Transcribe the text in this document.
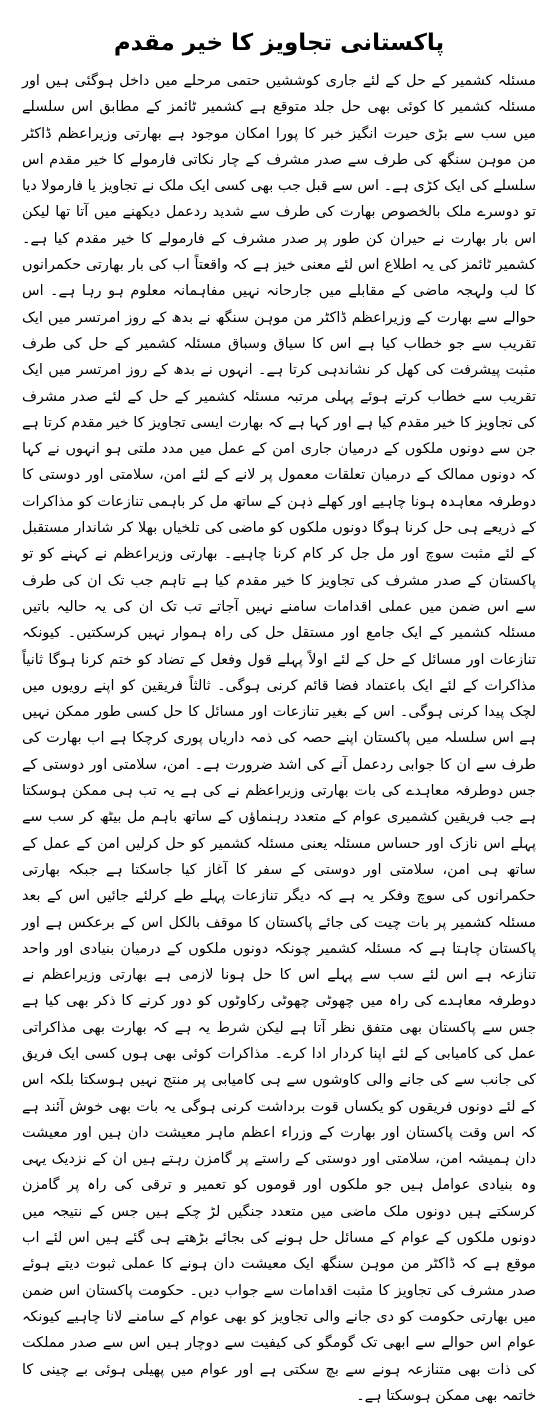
پاکستانی تجاویز کا خیر مقدم

مسئلہ کشمیر کے حل کے لئے جاری کوششیں حتمی مرحلے میں داخل ہوگئی ہیں اور مسئلہ کشمیر کا کوئی بھی حل جلد متوقع ہے کشمیر ٹائمز کے مطابق اس سلسلے میں سب سے بڑی حیرت انگیز خبر کا پورا امکان موجود ہے بھارتی وزیراعظم ڈاکٹر من موہن سنگھ کی طرف سے صدر مشرف کے چار نکاتی فارمولے کا خیر مقدم اس سلسلے کی ایک کڑی ہے۔ اس سے قبل جب بھی کسی ایک ملک نے تجاویز یا فارمولا دیا تو دوسرے ملک بالخصوص بھارت کی طرف سے شدید ردعمل دیکھنے میں آتا تھا لیکن اس بار بھارت نے حیران کن طور پر صدر مشرف کے فارمولے کا خیر مقدم کیا ہے۔ کشمیر ٹائمز کی یہ اطلاع اس لئے معنی خیز ہے کہ واقعتاً اب کی بار بھارتی حکمرانوں کا لب ولہجہ ماضی کے مقابلے میں جارحانہ نہیں مفاہمانہ معلوم ہو رہا ہے۔ اس حوالے سے بھارت کے وزیراعظم ڈاکٹر من موہن سنگھ نے بدھ کے روز امرتسر میں ایک تقریب سے جو خطاب کیا ہے اس کا سیاق وسباق مسئلہ کشمیر کے حل کی طرف مثبت پیشرفت کی کھل کر نشاندہی کرتا ہے۔ انہوں نے بدھ کے روز امرتسر میں ایک تقریب سے خطاب کرتے ہوئے پہلی مرتبہ مسئلہ کشمیر کے حل کے لئے صدر مشرف کی تجاویز کا خیر مقدم کیا ہے اور کہا ہے کہ بھارت ایسی تجاویز کا خیر مقدم کرتا ہے جن سے دونوں ملکوں کے درمیان جاری امن کے عمل میں مدد ملتی ہو انہوں نے کہا کہ دونوں ممالک کے درمیان تعلقات معمول پر لانے کے لئے امن، سلامتی اور دوستی کا دوطرفہ معاہدہ ہونا چاہیے اور کھلے ذہن کے ساتھ مل کر باہمی تنازعات کو مذاکرات کے ذریعے ہی حل کرنا ہوگا دونوں ملکوں کو ماضی کی تلخیاں بھلا کر شاندار مستقبل کے لئے مثبت سوچ اور مل جل کر کام کرنا چاہیے۔ بھارتی وزیراعظم نے کہنے کو تو پاکستان کے صدر مشرف کی تجاویز کا خیر مقدم کیا ہے تاہم جب تک ان کی طرف سے اس ضمن میں عملی اقدامات سامنے نہیں آجاتے تب تک ان کی یہ حالیہ باتیں مسئلہ کشمیر کے ایک جامع اور مستقل حل کی راہ ہموار نہیں کرسکتیں۔ کیونکہ تنازعات اور مسائل کے حل کے لئے اولاً پہلے قول وفعل کے تضاد کو ختم کرنا ہوگا ثانیاً مذاکرات کے لئے ایک باعتماد فضا قائم کرنی ہوگی۔ ثالثاً فریقین کو اپنے رویوں میں لچک پیدا کرنی ہوگی۔ اس کے بغیر تنازعات اور مسائل کا حل کسی طور ممکن نہیں ہے اس سلسلہ میں پاکستان اپنے حصہ کی ذمہ داریاں پوری کرچکا ہے اب بھارت کی طرف سے ان کا جوابی ردعمل آنے کی اشد ضرورت ہے۔ امن، سلامتی اور دوستی کے جس دوطرفہ معاہدے کی بات بھارتی وزیراعظم نے کی ہے یہ تب ہی ممکن ہوسکتا ہے جب فریقین کشمیری عوام کے متعدد رہنماؤں کے ساتھ باہم مل بیٹھ کر سب سے پہلے اس نازک اور حساس مسئلہ یعنی مسئلہ کشمیر کو حل کرلیں امن کے عمل کے ساتھ ہی امن، سلامتی اور دوستی کے سفر کا آغاز کیا جاسکتا ہے جبکہ بھارتی حکمرانوں کی سوچ وفکر یہ ہے کہ دیگر تنازعات پہلے طے کرلئے جائیں اس کے بعد مسئلہ کشمیر پر بات چیت کی جائے پاکستان کا موقف بالکل اس کے برعکس ہے اور پاکستان چاہتا ہے کہ مسئلہ کشمیر چونکہ دونوں ملکوں کے درمیان بنیادی اور واحد تنازعہ ہے اس لئے سب سے پہلے اس کا حل ہونا لازمی ہے بھارتی وزیراعظم نے دوطرفہ معاہدے کی راہ میں چھوٹی چھوٹی رکاوٹوں کو دور کرنے کا ذکر بھی کیا ہے جس سے پاکستان بھی متفق نظر آتا ہے لیکن شرط یہ ہے کہ بھارت بھی مذاکراتی عمل کی کامیابی کے لئے اپنا کردار ادا کرے۔ مذاکرات کوئی بھی ہوں کسی ایک فریق کی جانب سے کی جانے والی کاوشوں سے ہی کامیابی پر منتج نہیں ہوسکتا بلکہ اس کے لئے دونوں فریقوں کو یکساں قوت برداشت کرنی ہوگی یہ بات بھی خوش آئند ہے کہ اس وقت پاکستان اور بھارت کے وزراء اعظم ماہر معیشت دان ہیں اور معیشت دان ہمیشہ امن، سلامتی اور دوستی کے راستے پر گامزن رہتے ہیں ان کے نزدیک یہی وہ بنیادی عوامل ہیں جو ملکوں اور قوموں کو تعمیر و ترقی کی راہ پر گامزن کرسکتے ہیں دونوں ملک ماضی میں متعدد جنگیں لڑ چکے ہیں جس کے نتیجہ میں دونوں ملکوں کے عوام کے مسائل حل ہونے کی بجائے بڑھتے ہی گئے ہیں اس لئے اب موقع ہے کہ ڈاکٹر من موہن سنگھ ایک معیشت دان ہونے کا عملی ثبوت دیتے ہوئے صدر مشرف کی تجاویز کا مثبت اقدامات سے جواب دیں۔ حکومت پاکستان اس ضمن میں بھارتی حکومت کو دی جانے والی تجاویز کو بھی عوام کے سامنے لانا چاہیے کیونکہ عوام اس حوالے سے ابھی تک گومگو کی کیفیت سے دوچار ہیں اس سے صدر مملکت کی ذات بھی متنازعہ ہونے سے بچ سکتی ہے اور عوام میں پھیلی ہوئی بے چینی کا خاتمہ بھی ممکن ہوسکتا ہے۔
